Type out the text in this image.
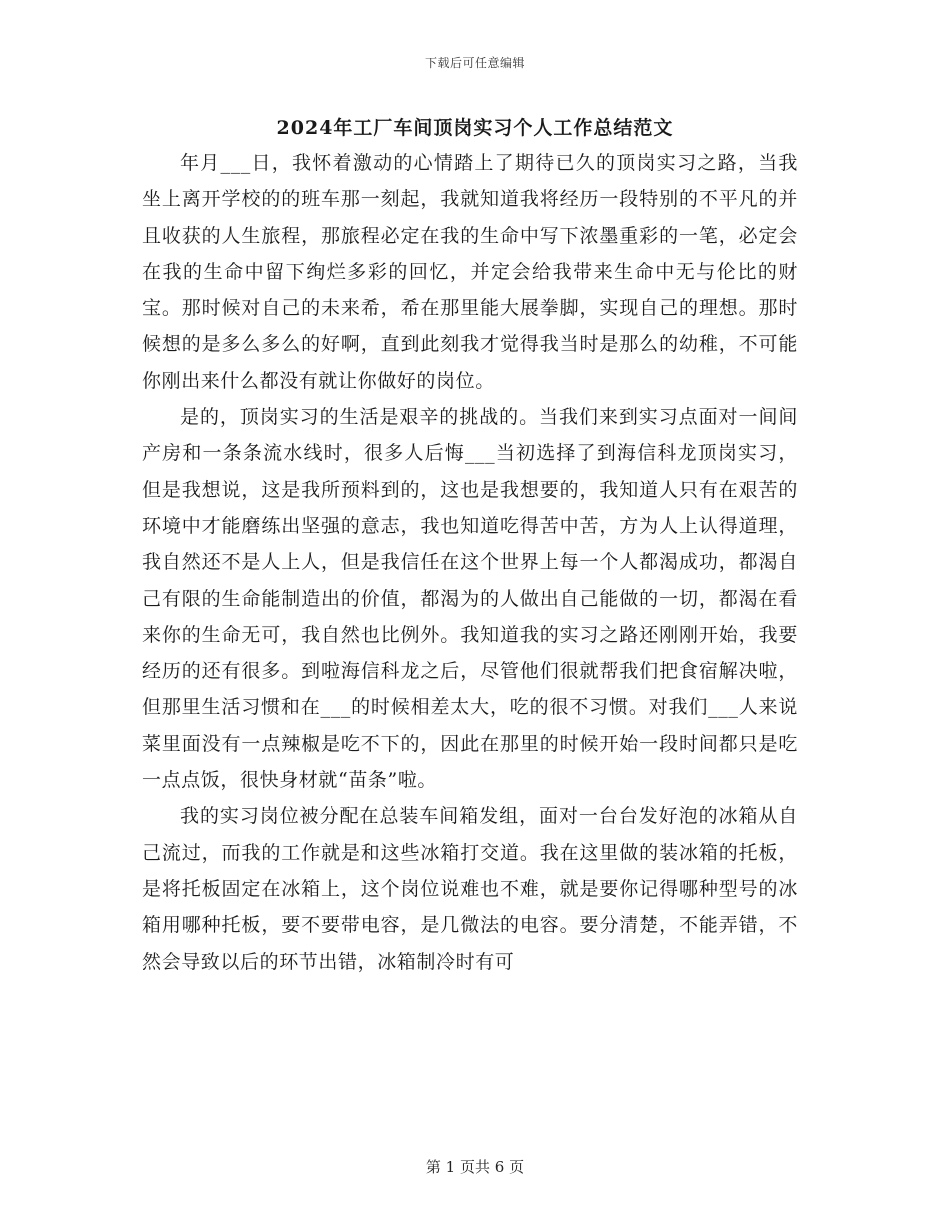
下载后可任意编辑
2024年工厂车间顶岗实习个人工作总结范文

年月___日，我怀着激动的心情踏上了期待已久的顶岗实习之路，当我坐上离开学校的的班车那一刻起，我就知道我将经历一段特别的不平凡的并且收获的人生旅程，那旅程必定在我的生命中写下浓墨重彩的一笔，必定会在我的生命中留下绚烂多彩的回忆，并定会给我带来生命中无与伦比的财宝。那时候对自己的未来希，希在那里能大展拳脚，实现自己的理想。那时候想的是多么多么的好啊，直到此刻我才觉得我当时是那么的幼稚，不可能你刚出来什么都没有就让你做好的岗位。

是的，顶岗实习的生活是艰辛的挑战的。当我们来到实习点面对一间间产房和一条条流水线时，很多人后悔___当初选择了到海信科龙顶岗实习，但是我想说，这是我所预料到的，这也是我想要的，我知道人只有在艰苦的环境中才能磨练出坚强的意志，我也知道吃得苦中苦，方为人上认得道理，我自然还不是人上人，但是我信任在这个世界上每一个人都渴成功，都渴自己有限的生命能制造出的价值，都渴为的人做出自己能做的一切，都渴在看来你的生命无可，我自然也比例外。我知道我的实习之路还刚刚开始，我要经历的还有很多。到啦海信科龙之后，尽管他们很就帮我们把食宿解决啦，但那里生活习惯和在___的时候相差太大，吃的很不习惯。对我们___人来说菜里面没有一点辣椒是吃不下的，因此在那里的时候开始一段时间都只是吃一点点饭，很快身材就“苗条”啦。

我的实习岗位被分配在总装车间箱发组，面对一台台发好泡的冰箱从自己流过，而我的工作就是和这些冰箱打交道。我在这里做的装冰箱的托板，是将托板固定在冰箱上，这个岗位说难也不难，就是要你记得哪种型号的冰箱用哪种托板，要不要带电容，是几微法的电容。要分清楚，不能弄错，不然会导致以后的环节出错，冰箱制冷时有可

第 1 页共 6 页
